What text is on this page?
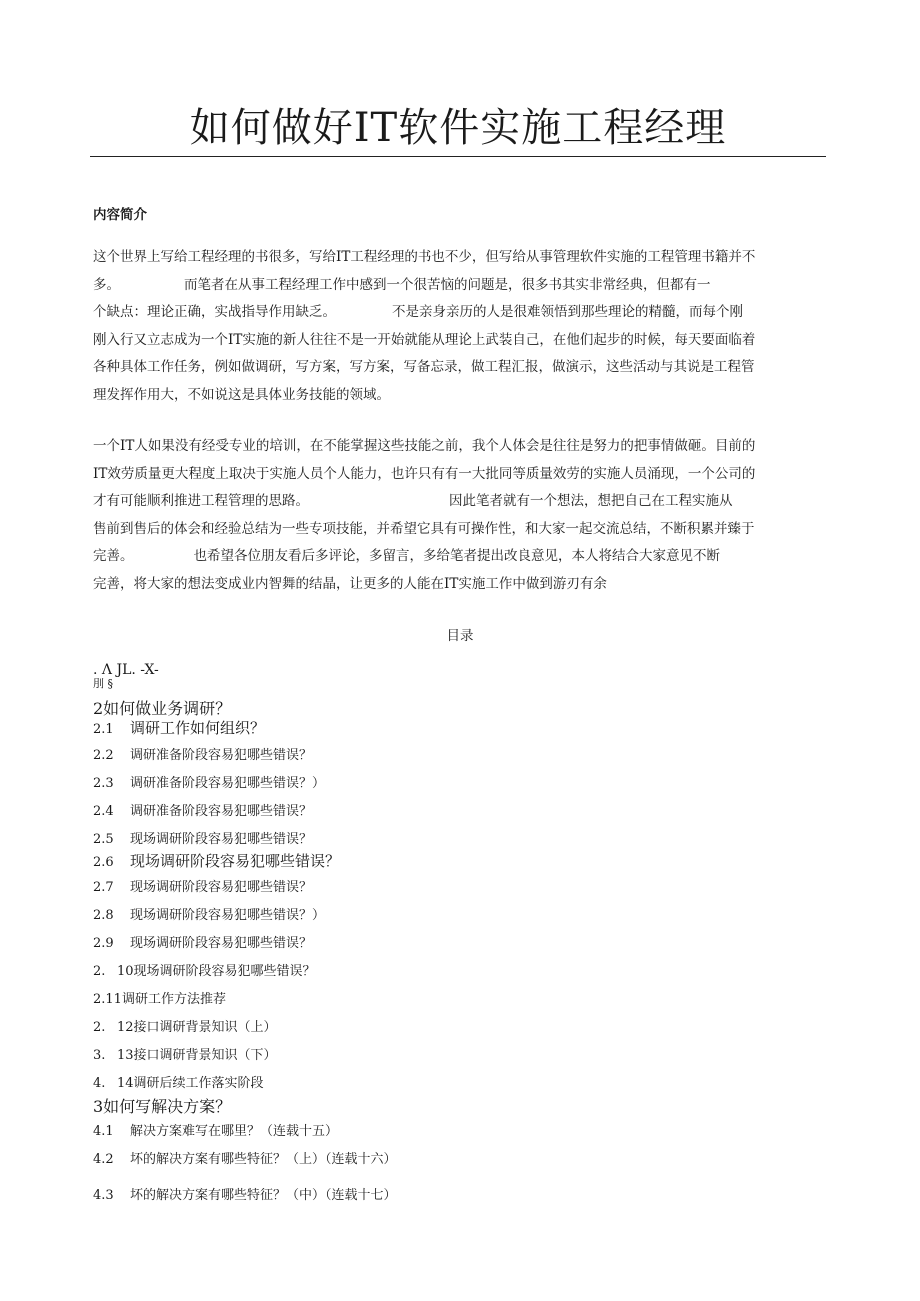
如何做好IT软件实施工程经理
内容简介
这个世界上写给工程经理的书很多，写给IT工程经理的书也不少，但写给从事管理软件实施的工程管理书籍并不
多。	而笔者在从事工程经理工作中感到一个很苦恼的问题是，很多书其实非常经典，但都有一
个缺点：理论正确，实战指导作用缺乏。	不是亲身亲历的人是很难领悟到那些理论的精髓，而每个刚
刚入行又立志成为一个IT实施的新人往往不是一开始就能从理论上武装自己，在他们起步的时候，每天要面临着
各种具体工作任务，例如做调研，写方案，写方案，写备忘录，做工程汇报，做演示，这些活动与其说是工程管
理发挥作用大，不如说这是具体业务技能的领域。
一个IT人如果没有经受专业的培训，在不能掌握这些技能之前，我个人体会是往往是努力的把事情做砸。目前的
IT效劳质量更大程度上取决于实施人员个人能力，也许只有有一大批同等质量效劳的实施人员涌现，一个公司的
才有可能顺利推进工程管理的思路。	因此笔者就有一个想法，想把自己在工程实施从
售前到售后的体会和经验总结为一些专项技能，并希望它具有可操作性，和大家一起交流总结，不断积累并臻于
完善。	也希望各位朋友看后多评论，多留言，多给笔者提出改良意见，本人将结合大家意见不断
完善，将大家的想法变成业内智舞的结晶，让更多的人能在IT实施工作中做到游刃有余
目录
. Λ JL. -X-
刖 §
2如何做业务调研？
2.1 调研工作如何组织？
2.2 调研准备阶段容易犯哪些错误？
2.3 调研准备阶段容易犯哪些错误？）
2.4 调研准备阶段容易犯哪些错误？
2.5 现场调研阶段容易犯哪些错误？
2.6 现场调研阶段容易犯哪些错误？
2.7 现场调研阶段容易犯哪些错误？
2.8 现场调研阶段容易犯哪些错误？）
2.9 现场调研阶段容易犯哪些错误？
2. 10现场调研阶段容易犯哪些错误？
2.11调研工作方法推荐
2. 12接口调研背景知识（上）
3. 13接口调研背景知识（下）
4. 14调研后续工作落实阶段
3如何写解决方案？
4.1 解决方案难写在哪里？（连载十五）
4.2 坏的解决方案有哪些特征？（上）（连载十六）
4.3 坏的解决方案有哪些特征？（中）（连载十七）
